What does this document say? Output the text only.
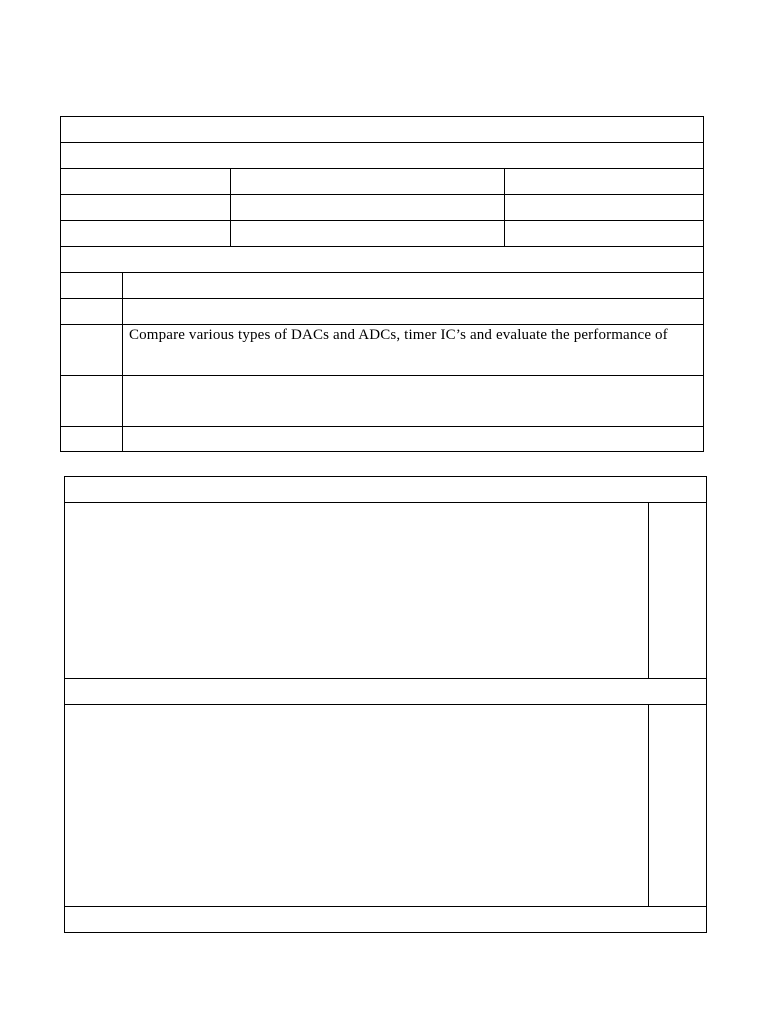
	Compare various types of DACs and ADCs, timer IC’s and evaluate the performance of		
